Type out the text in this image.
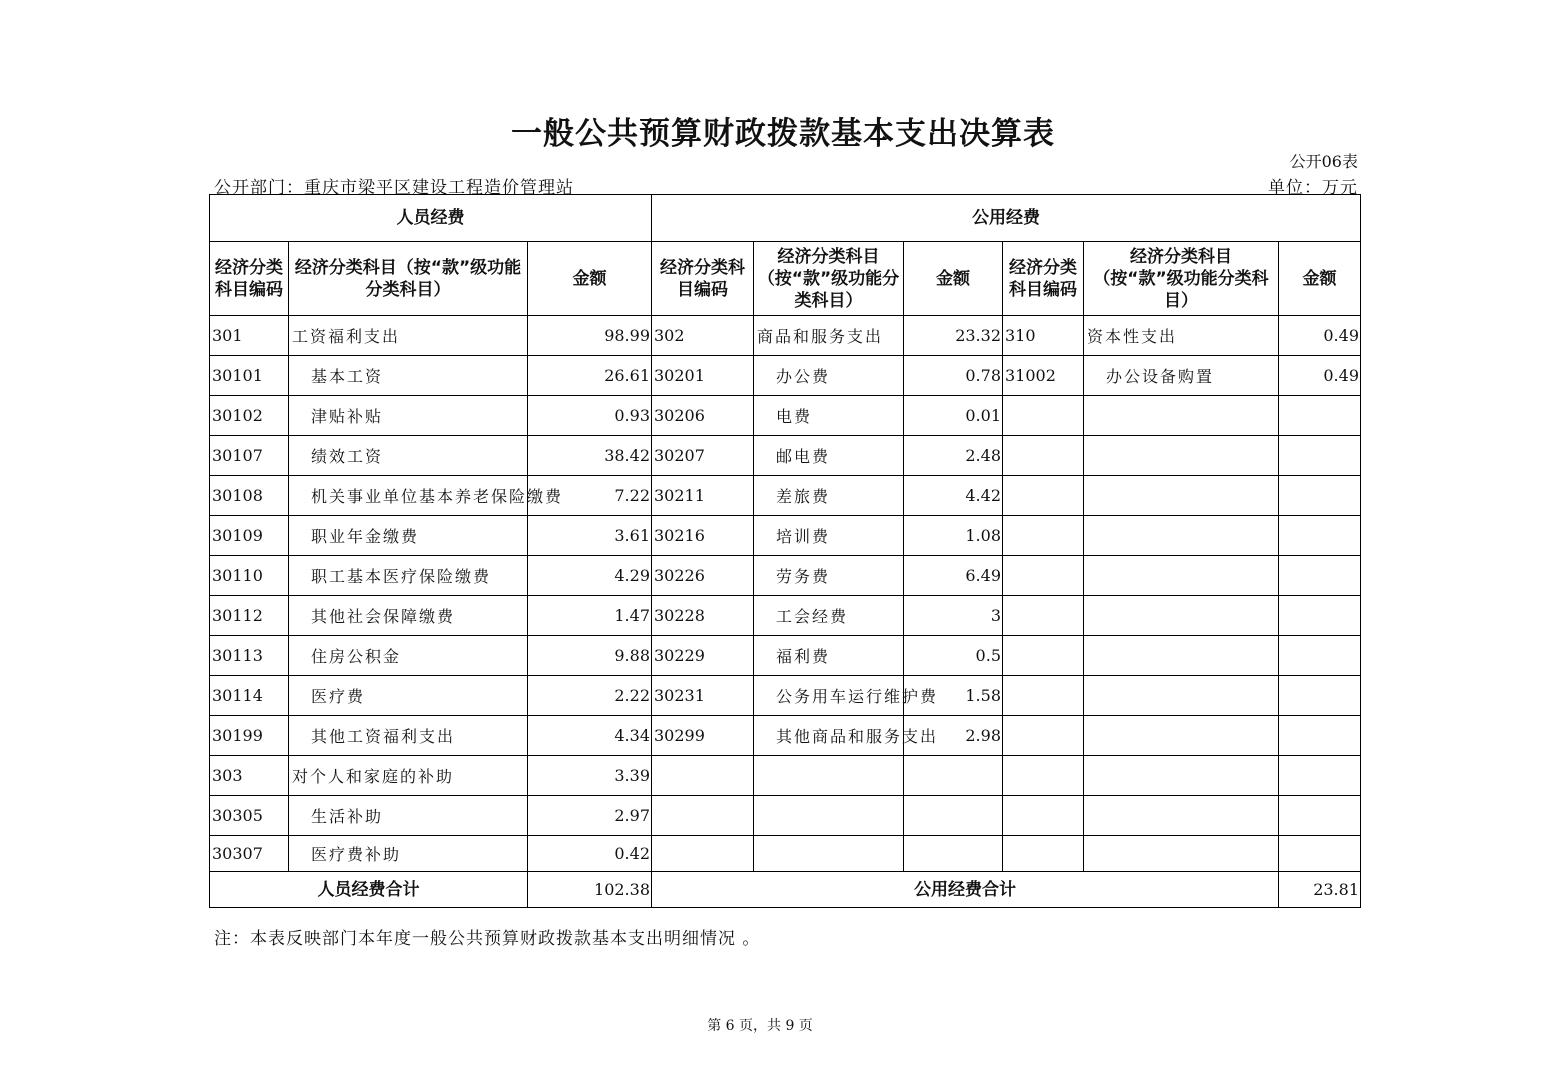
一般公共预算财政拨款基本支出决算表
公开06表
公开部门：重庆市梁平区建设工程造价管理站	单位：万元
人员经费			公用经费					
经济分类科目编码	经济分类科目（按“款”级功能分类科目）	金额	经济分类科目编码	经济分类科目（按“款”级功能分类科目）	金额	经济分类科目编码	经济分类科目（按“款”级功能分类科目）	金额
301	工资福利支出	98.99	302	商品和服务支出	23.32	310	资本性支出	0.49
30101	基本工资	26.61	30201	办公费	0.78	31002	办公设备购置	0.49
30102	津贴补贴	0.93	30206	电费	0.01			
30107	绩效工资	38.42	30207	邮电费	2.48			
30108	机关事业单位基本养老保险缴费	7.22	30211	差旅费	4.42			
30109	职业年金缴费	3.61	30216	培训费	1.08			
30110	职工基本医疗保险缴费	4.29	30226	劳务费	6.49			
30112	其他社会保障缴费	1.47	30228	工会经费	3			
30113	住房公积金	9.88	30229	福利费	0.5			
30114	医疗费	2.22	30231	公务用车运行维护费	1.58			
30199	其他工资福利支出	4.34	30299	其他商品和服务支出	2.98			
303	对个人和家庭的补助	3.39						
30305	生活补助	2.97						
30307	医疗费补助	0.42						
人员经费合计		102.38	公用经费合计					23.81
注：本表反映部门本年度一般公共预算财政拨款基本支出明细情况 。
第 6 页，共 9 页
